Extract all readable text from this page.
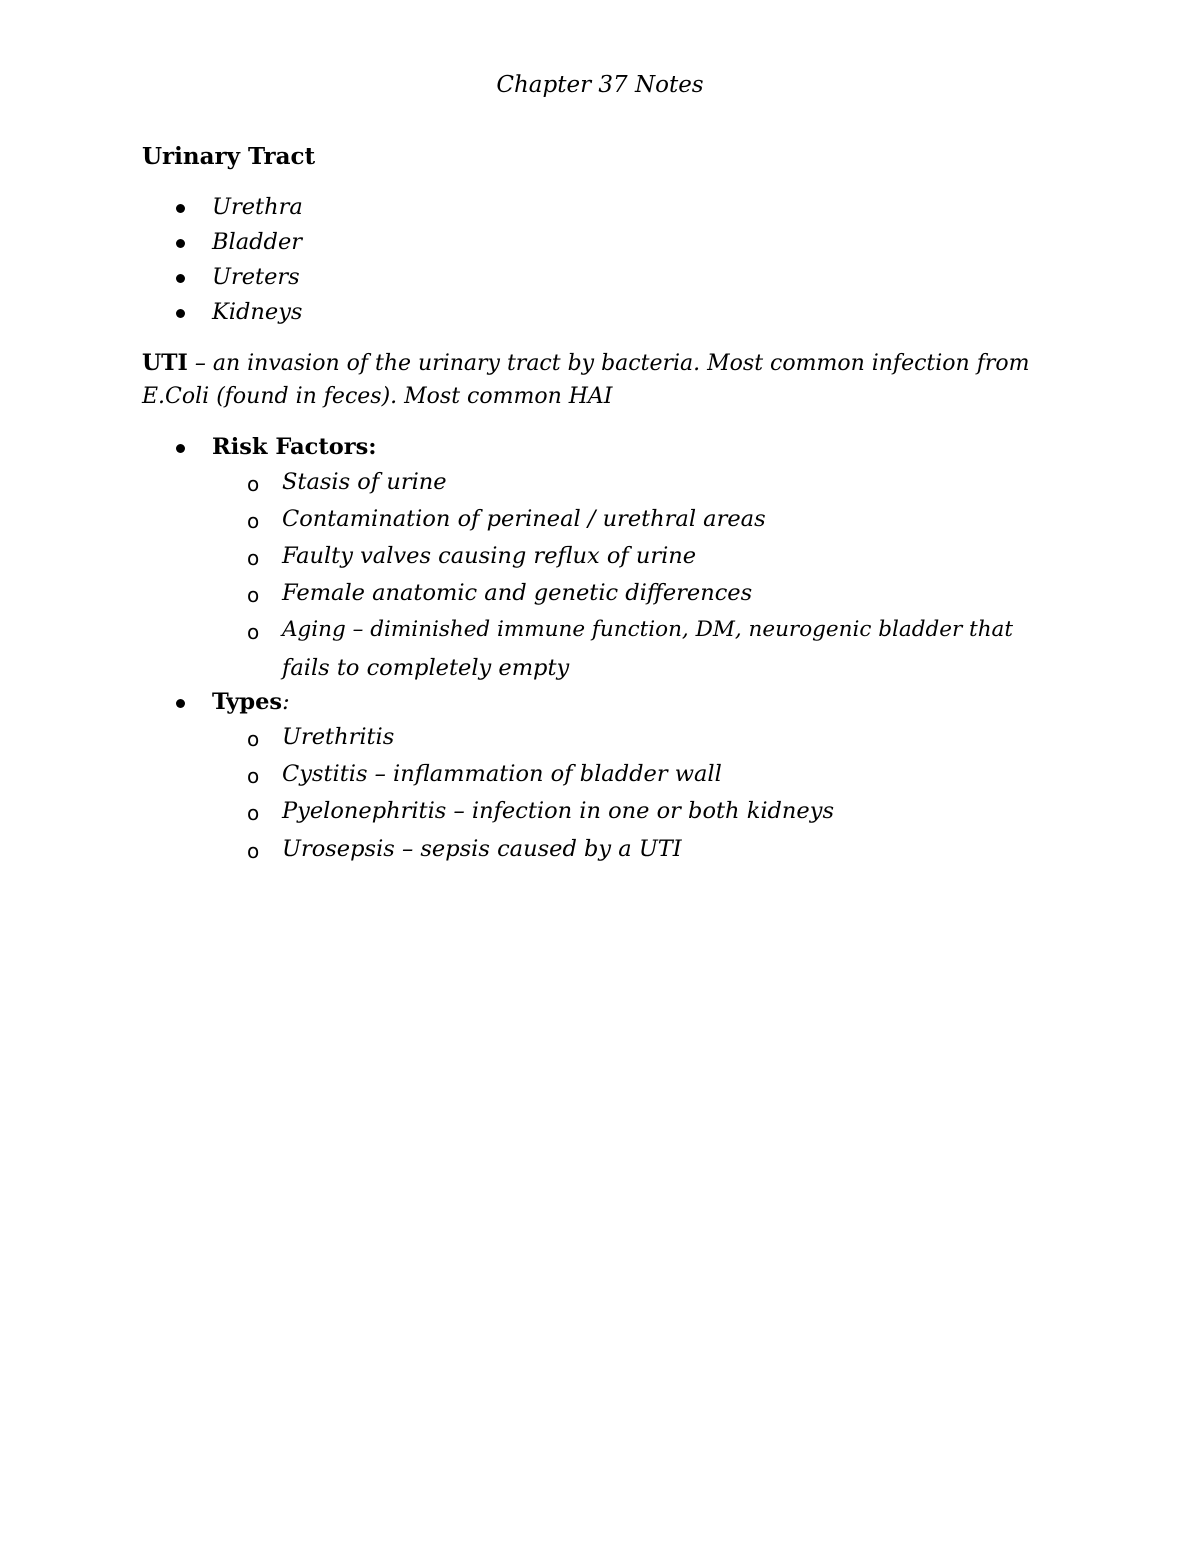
Chapter 37 Notes
Urinary Tract
Urethra
Bladder
Ureters
Kidneys
UTI – an invasion of the urinary tract by bacteria. Most common infection from
E.Coli (found in feces). Most common HAI
Risk Factors:
o Stasis of urine
o Contamination of perineal / urethral areas
o Faulty valves causing reflux of urine
o Female anatomic and genetic differences
o Aging – diminished immune function, DM, neurogenic bladder that
fails to completely empty
Types:
o Urethritis
o Cystitis – inflammation of bladder wall
o Pyelonephritis – infection in one or both kidneys
o Urosepsis – sepsis caused by a UTI
